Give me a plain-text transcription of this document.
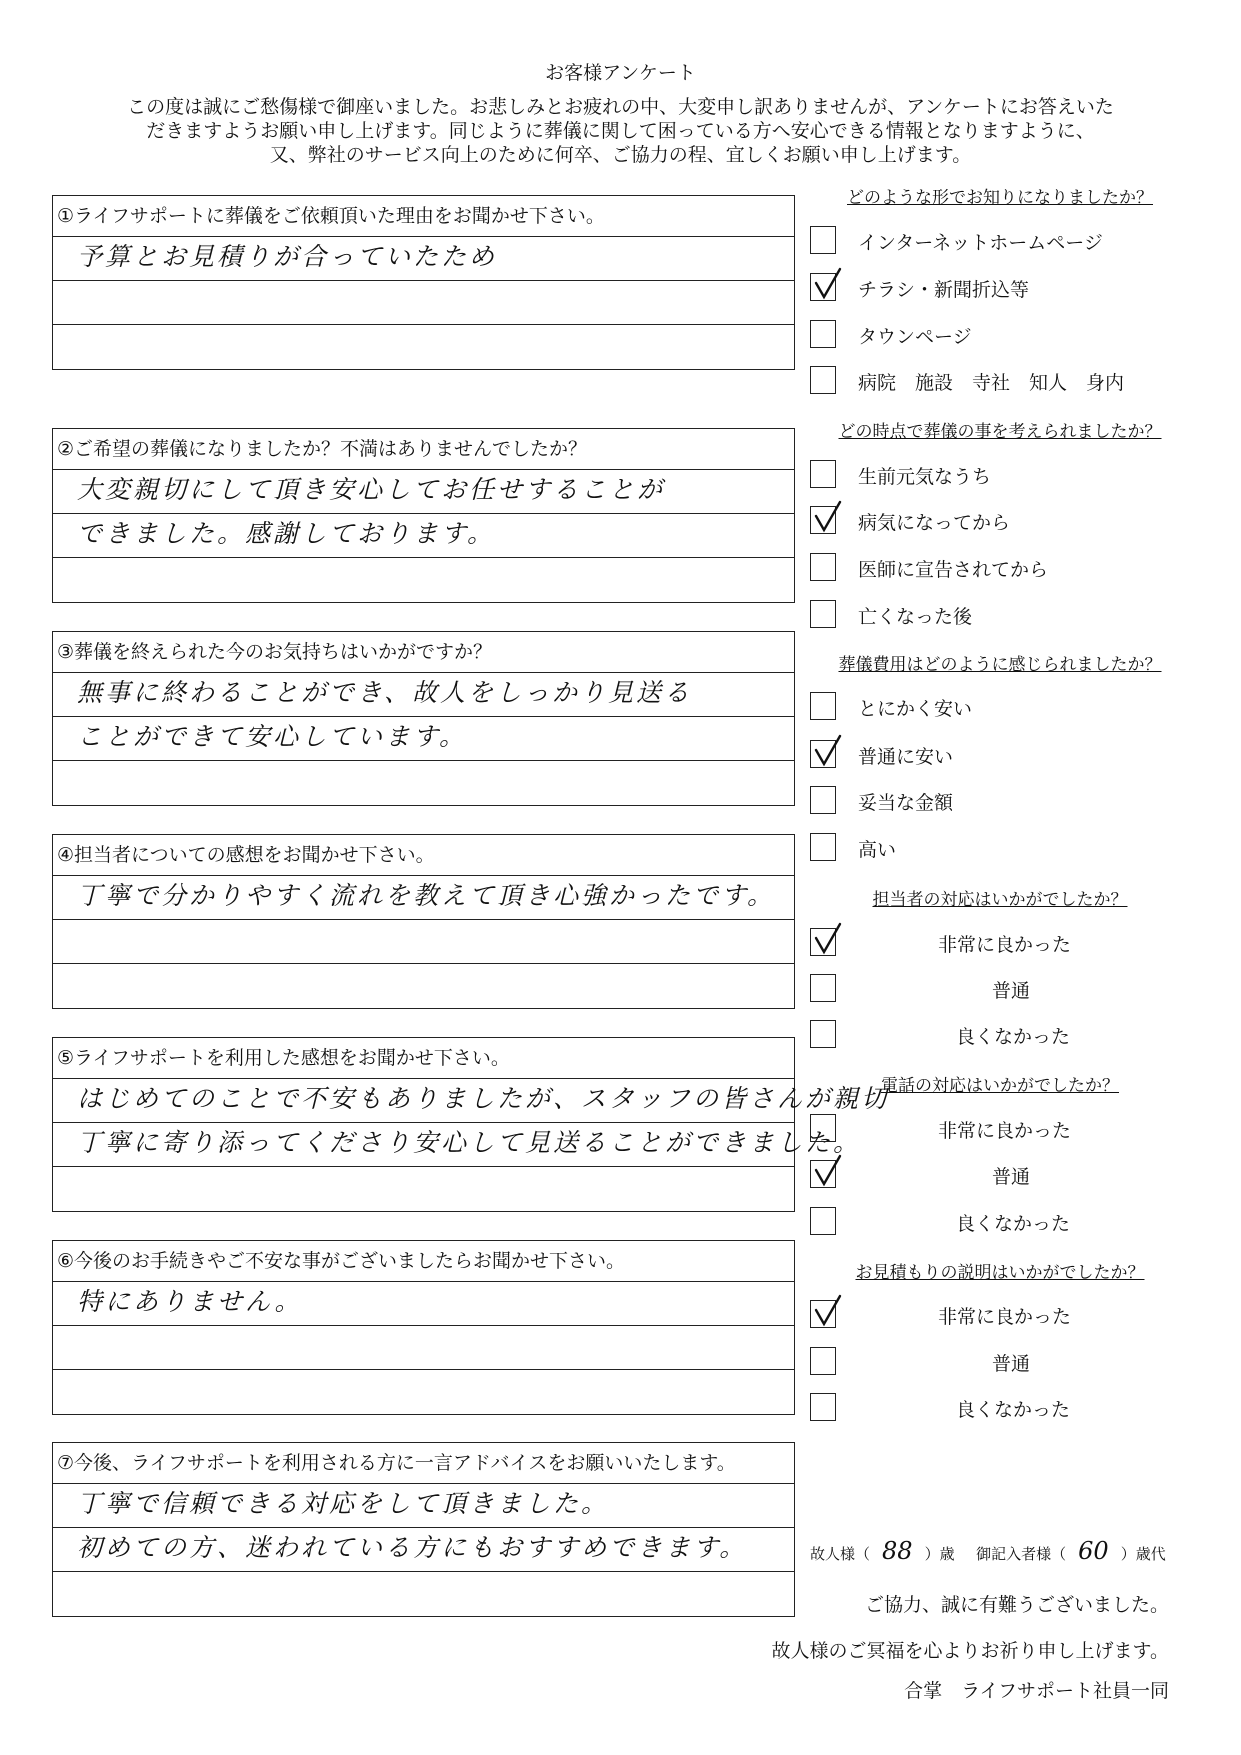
お客様アンケート
この度は誠にご愁傷様で御座いました。お悲しみとお疲れの中、大変申し訳ありませんが、アンケートにお答えいた
だきますようお願い申し上げます。同じように葬儀に関して困っている方へ安心できる情報となりますように、
又、弊社のサービス向上のために何卒、ご協力の程、宜しくお願い申し上げます。
①ライフサポートに葬儀をご依頼頂いた理由をお聞かせ下さい。
予算とお見積りが合っていたため
②ご希望の葬儀になりましたか？不満はありませんでしたか？
大変親切にして頂き安心してお任せすることが
できました。感謝しております。
③葬儀を終えられた今のお気持ちはいかがですか？
無事に終わることができ、故人をしっかり見送る
ことができて安心しています。
④担当者についての感想をお聞かせ下さい。
丁寧で分かりやすく流れを教えて頂き心強かったです。
⑤ライフサポートを利用した感想をお聞かせ下さい。
はじめてのことで不安もありましたが、スタッフの皆さんが親切
丁寧に寄り添ってくださり安心して見送ることができました。
⑥今後のお手続きやご不安な事がございましたらお聞かせ下さい。
特にありません。
⑦今後、ライフサポートを利用される方に一言アドバイスをお願いいたします。
丁寧で信頼できる対応をして頂きました。
初めての方、迷われている方にもおすすめできます。
どのような形でお知りになりましたか？
どの時点で葬儀の事を考えられましたか？
葬儀費用はどのように感じられましたか？
担当者の対応はいかがでしたか？
電話の対応はいかがでしたか？
お見積もりの説明はいかがでしたか？
インターネットホームページ
チラシ・新聞折込等
タウンページ
病院　施設　寺社　知人　身内
生前元気なうち
病気になってから
医師に宣告されてから
亡くなった後
とにかく安い
普通に安い
妥当な金額
高い
非常に良かった
普通
良くなかった
非常に良かった
普通
良くなかった
非常に良かった
普通
良くなかった
故人様（ 88 ）歳 御記入者様（ 60 ）歳代
ご協力、誠に有難うございました。
故人様のご冥福を心よりお祈り申し上げます。
合掌　ライフサポート社員一同
